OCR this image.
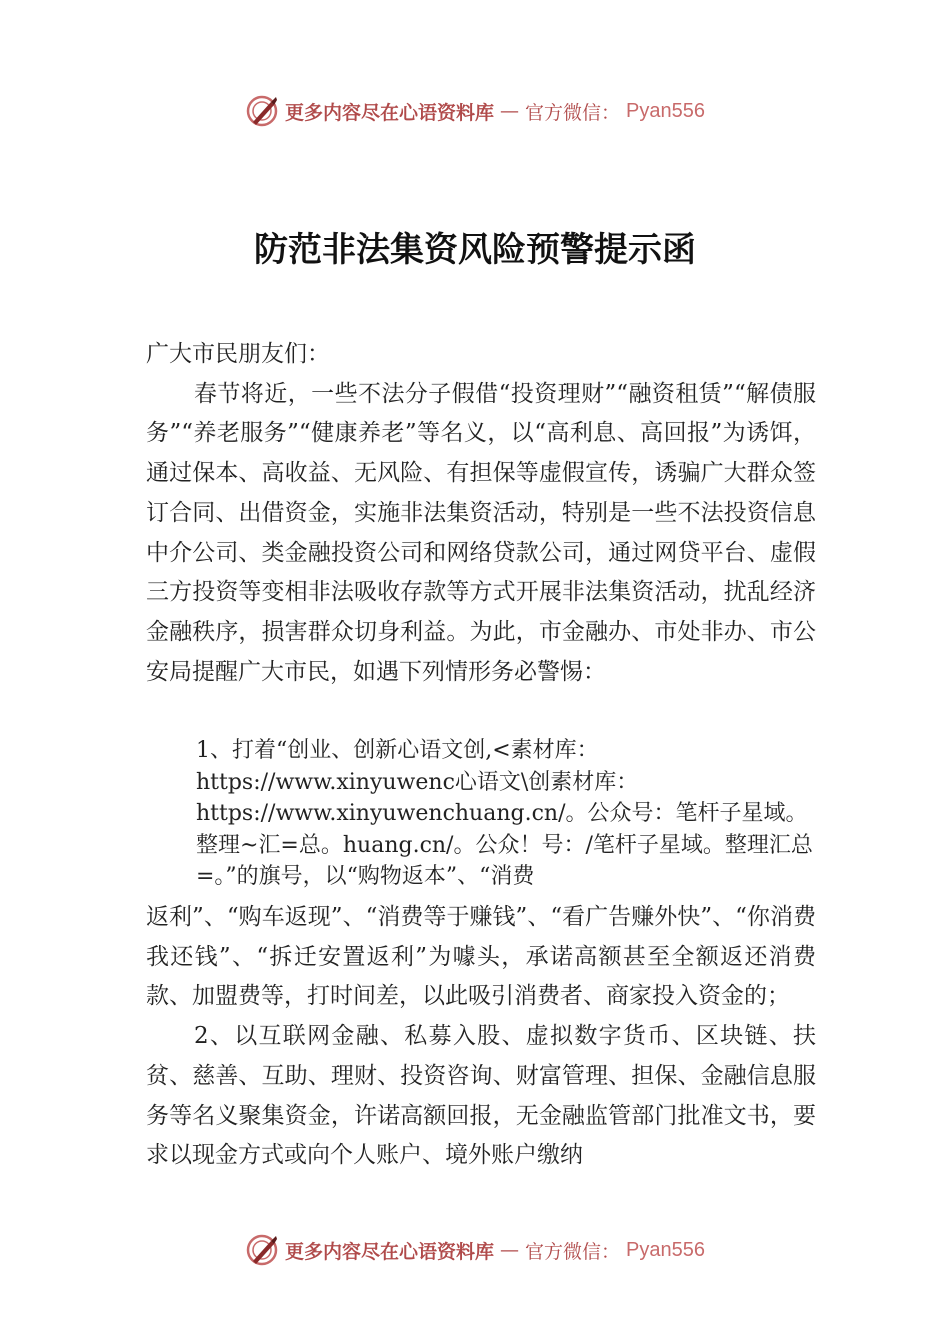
更多内容尽在心语资料库 — 官方微信： Pyan556
防范非法集资风险预警提示函

广大市民朋友们：

春节将近，一些不法分子假借“投资理财”“融资租赁”“解债服务”“养老服务”“健康养老”等名义，以“高利息、高回报”为诱饵，通过保本、高收益、无风险、有担保等虚假宣传，诱骗广大群众签订合同、出借资金，实施非法集资活动，特别是一些不法投资信息中介公司、类金融投资公司和网络贷款公司，通过网贷平台、虚假三方投资等变相非法吸收存款等方式开展非法集资活动，扰乱经济金融秩序，损害群众切身利益。为此，市金融办、市处非办、市公安局提醒广大市民，如遇下列情形务必警惕：

1、打着“创业、创新心语文创,<素材库：https://www.xinyuwenc心语文\创素材库：https://www.xinyuwenchuang.cn/。公众号：笔杆子星域。整理~汇=总。huang.cn/。公众！号：/笔杆子星域。整理汇总=。”的旗号，以“购物返本”、“消费

返利”、“购车返现”、“消费等于赚钱”、“看广告赚外快”、“你消费我还钱”、“拆迁安置返利”为噱头，承诺高额甚至全额返还消费款、加盟费等，打时间差，以此吸引消费者、商家投入资金的；

2、以互联网金融、私募入股、虚拟数字货币、区块链、扶贫、慈善、互助、理财、投资咨询、财富管理、担保、金融信息服务等名义聚集资金，许诺高额回报，无金融监管部门批准文书，要求以现金方式或向个人账户、境外账户缴纳

更多内容尽在心语资料库 — 官方微信： Pyan556
